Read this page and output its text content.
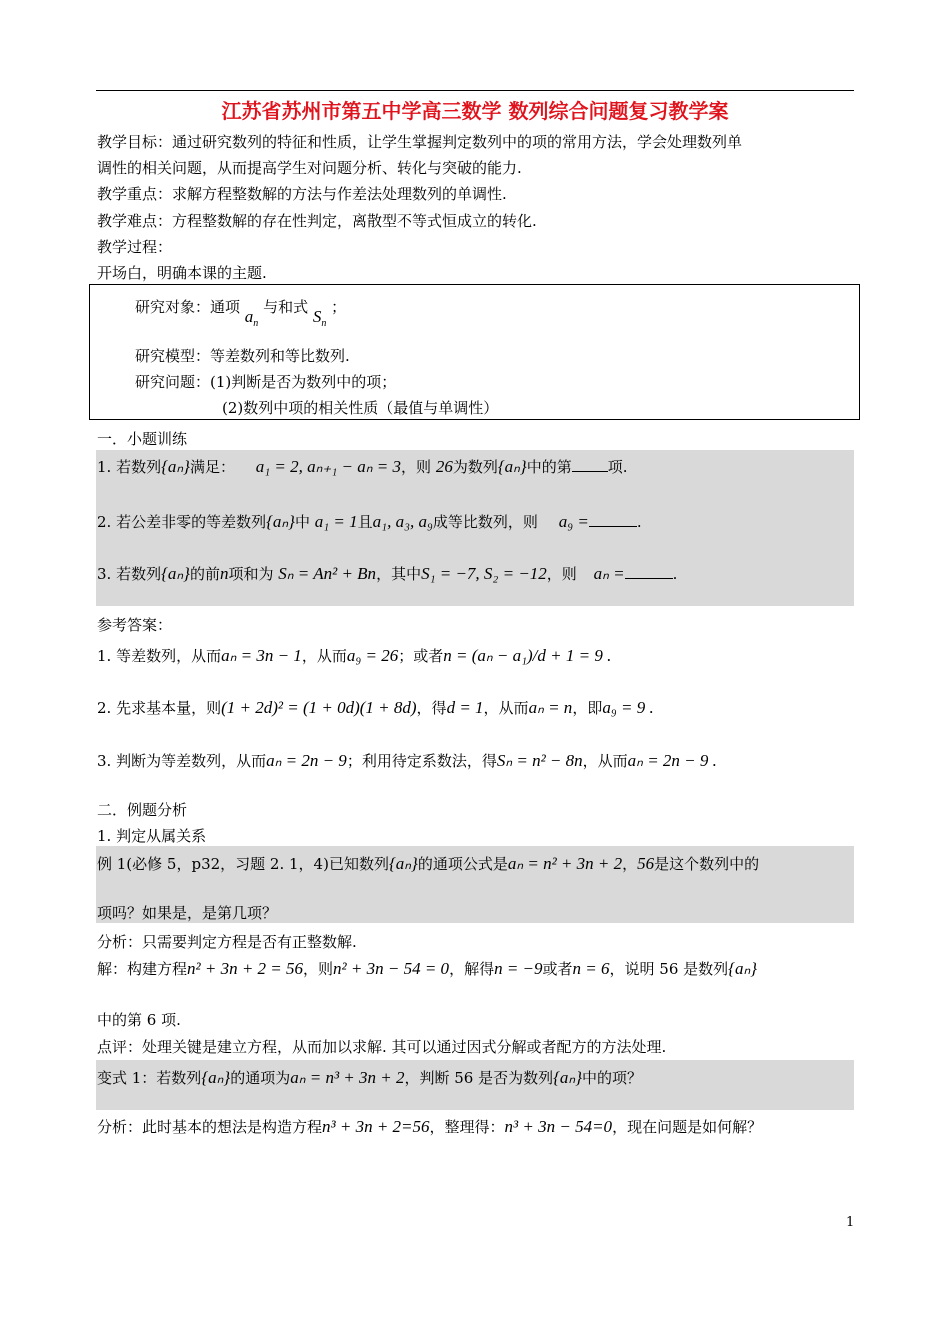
江苏省苏州市第五中学高三数学 数列综合问题复习教学案
教学目标：通过研究数列的特征和性质，让学生掌握判定数列中的项的常用方法，学会处理数列单
调性的相关问题，从而提高学生对问题分析、转化与突破的能力.
教学重点：求解方程整数解的方法与作差法处理数列的单调性.
教学难点：方程整数解的存在性判定，离散型不等式恒成立的转化.
教学过程：
开场白，明确本课的主题.
研究对象：通项 $a_n$ 与和式 $S_n$ ；
研究模型：等差数列和等比数列.
研究问题：(1)判断是否为数列中的项；
(2)数列中项的相关性质（最值与单调性）
一．小题训练
1. 若数列{aₙ}满足： a₁ = 2, aₙ₊₁ − aₙ = 3，则 26为数列{aₙ}中的第 项.
2. 若公差非零的等差数列{aₙ}中 a₁ = 1且a₁, a₃, a₉成等比数列，则 a₉ =	.
3. 若数列{aₙ}的前n项和为 Sₙ = An² + Bn，其中S₁ = −7, S₂ = −12，则 aₙ =	.
参考答案：
1. 等差数列，从而aₙ = 3n − 1，从而a₉ = 26；或者n = (aₙ − a₁)/d + 1 = 9 .
2. 先求基本量，则(1 + 2d)² = (1 + 0d)(1 + 8d)，得d = 1，从而aₙ = n，即a₉ = 9 .
3. 判断为等差数列，从而aₙ = 2n − 9；利用待定系数法，得Sₙ = n² − 8n，从而aₙ = 2n − 9 .
二．例题分析
1. 判定从属关系
例 1(必修 5，p32，习题 2. 1，4)已知数列{aₙ}的通项公式是aₙ = n² + 3n + 2，56是这个数列中的
项吗？如果是，是第几项？
分析：只需要判定方程是否有正整数解.
解：构建方程n² + 3n + 2 = 56，则n² + 3n − 54 = 0，解得n = −9或者n = 6，说明 56 是数列{aₙ}
中的第 6 项.
点评：处理关键是建立方程，从而加以求解. 其可以通过因式分解或者配方的方法处理.
变式 1：若数列{aₙ}的通项为aₙ = n³ + 3n + 2，判断 56 是否为数列{aₙ}中的项？
分析：此时基本的想法是构造方程n³ + 3n + 2=56，整理得：n³ + 3n − 54=0，现在问题是如何解？
1
